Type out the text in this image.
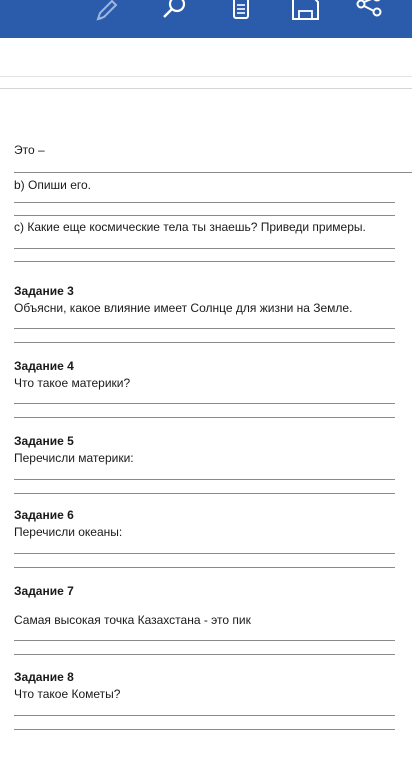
Это –
b) Опиши его.
c) Какие еще космические тела ты знаешь? Приведи примеры.
Задание 3
Объясни, какое влияние имеет Солнце для жизни на Земле.
Задание 4
Что такое материки?
Задание 5
Перечисли материки:
Задание 6
Перечисли океаны:
Задание 7
Самая высокая точка Казахстана - это пик
Задание 8
Что такое Кометы?
